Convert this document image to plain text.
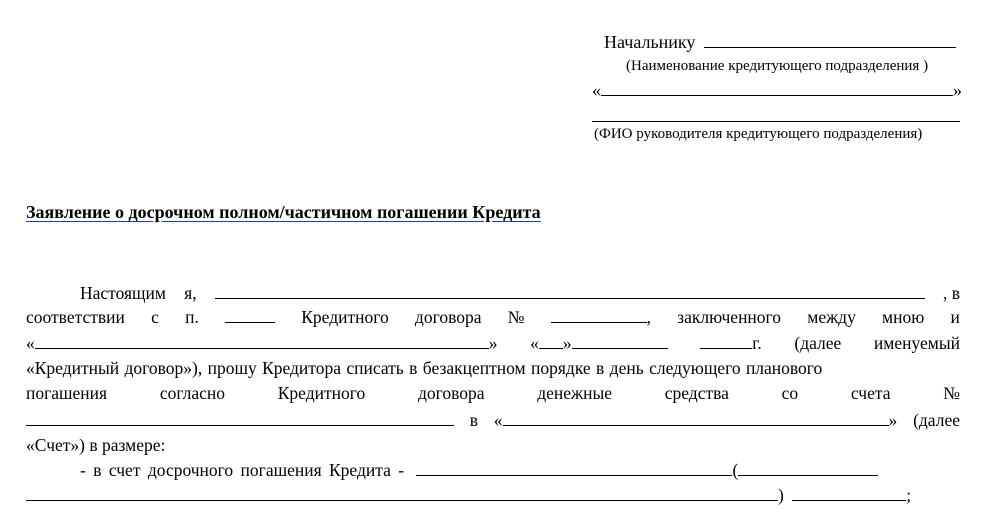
Начальнику
(Наименование кредитующего подразделения )
«	»
(ФИО руководителя кредитующего подразделения)
Заявление о досрочном полном/частичном погашении Кредита
Настоящим я,	, в
соответствии с п.	Кредитного договора №	, заключенного между мною и
«	» « »	г. (далее именуемый
«Кредитный договор»), прошу Кредитора списать в безакцептном порядке в день следующего планового
погашения	согласно	Кредитного	договора	денежные	средства	со	счета	№
в «	» (далее
«Счет») в размере:
- в счет досрочного погашения Кредита -	(
)	;
